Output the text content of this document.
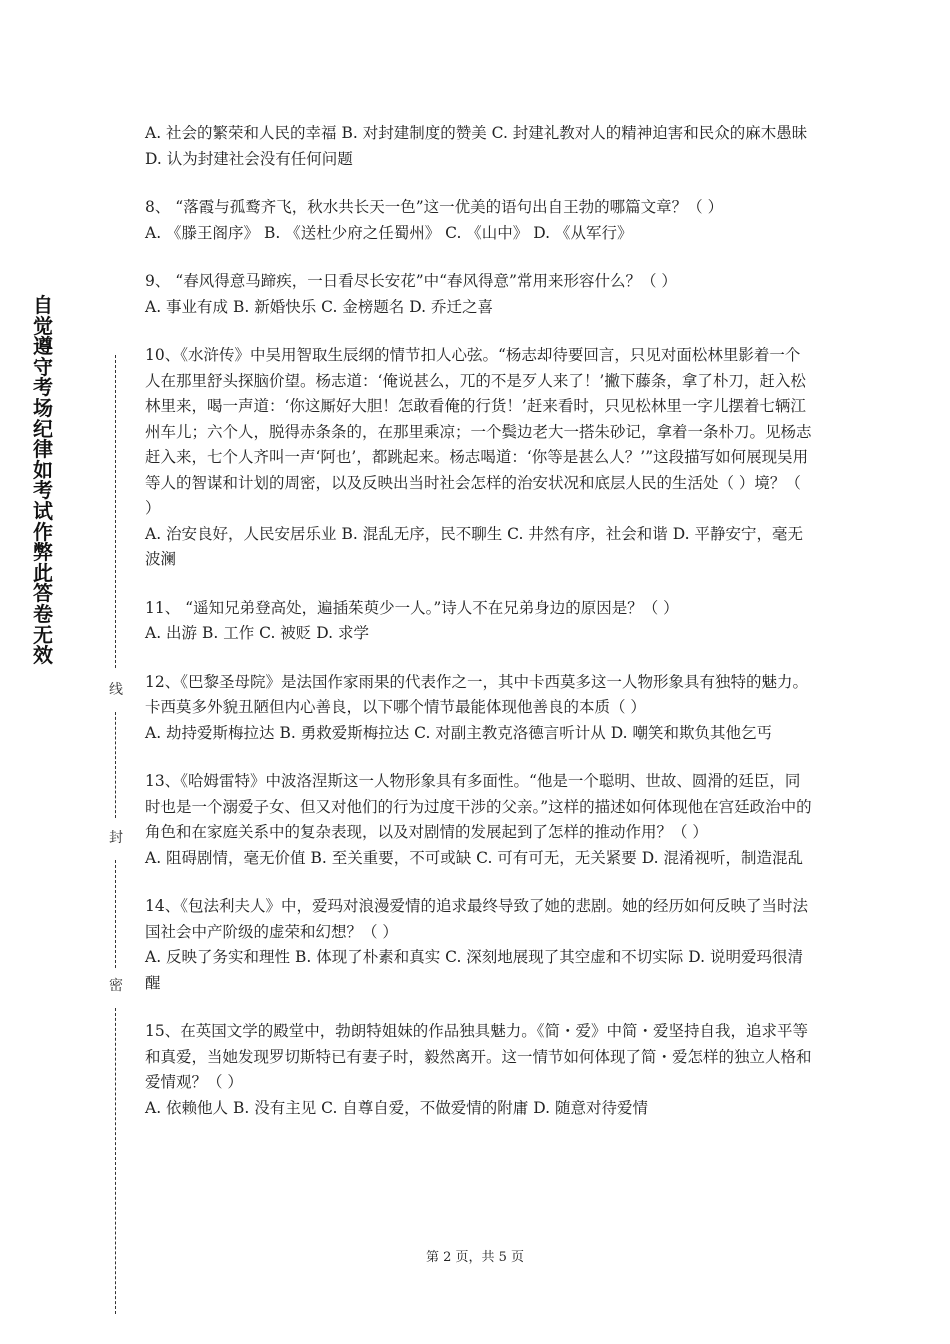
自觉遵守考场纪律如考试作弊此答卷无效
线
封
密

A. 社会的繁荣和人民的幸福 B. 对封建制度的赞美 C. 封建礼教对人的精神迫害和民众的麻木愚昧 D. 认为封建社会没有任何问题

8、 “落霞与孤鹜齐飞，秋水共长天一色”这一优美的语句出自王勃的哪篇文章？（ ）

A. 《滕王阁序》 B. 《送杜少府之任蜀州》 C. 《山中》 D. 《从军行》

9、 “春风得意马蹄疾，一日看尽长安花”中“春风得意”常用来形容什么？（ ）

A. 事业有成 B. 新婚快乐 C. 金榜题名 D. 乔迁之喜

10、《水浒传》中吴用智取生辰纲的情节扣人心弦。“杨志却待要回言，只见对面松林里影着一个人在那里舒头探脑价望。杨志道：‘俺说甚么，兀的不是歹人来了！’撇下藤条，拿了朴刀，赶入松林里来，喝一声道：‘你这厮好大胆！怎敢看俺的行货！’赶来看时，只见松林里一字儿摆着七辆江州车儿；六个人，脱得赤条条的，在那里乘凉；一个鬓边老大一搭朱砂记，拿着一条朴刀。见杨志赶入来，七个人齐叫一声‘阿也’，都跳起来。杨志喝道：‘你等是甚么人？’”这段描写如何展现吴用等人的智谋和计划的周密，以及反映出当时社会怎样的治安状况和底层人民的生活处（ ）境？（ ）

A. 治安良好，人民安居乐业 B. 混乱无序，民不聊生 C. 井然有序，社会和谐 D. 平静安宁，毫无波澜

11、 “遥知兄弟登高处，遍插茱萸少一人。”诗人不在兄弟身边的原因是？（ ）

A. 出游 B. 工作 C. 被贬 D. 求学

12、《巴黎圣母院》是法国作家雨果的代表作之一，其中卡西莫多这一人物形象具有独特的魅力。卡西莫多外貌丑陋但内心善良，以下哪个情节最能体现他善良的本质（ ）

A. 劫持爱斯梅拉达 B. 勇救爱斯梅拉达 C. 对副主教克洛德言听计从 D. 嘲笑和欺负其他乞丐

13、《哈姆雷特》中波洛涅斯这一人物形象具有多面性。“他是一个聪明、世故、圆滑的廷臣，同时也是一个溺爱子女、但又对他们的行为过度干涉的父亲。”这样的描述如何体现他在宫廷政治中的角色和在家庭关系中的复杂表现，以及对剧情的发展起到了怎样的推动作用？（ ）

A. 阻碍剧情，毫无价值 B. 至关重要，不可或缺 C. 可有可无，无关紧要 D. 混淆视听，制造混乱

14、《包法利夫人》中，爱玛对浪漫爱情的追求最终导致了她的悲剧。她的经历如何反映了当时法国社会中产阶级的虚荣和幻想？（ ）

A. 反映了务实和理性 B. 体现了朴素和真实 C. 深刻地展现了其空虚和不切实际 D. 说明爱玛很清醒

15、在英国文学的殿堂中，勃朗特姐妹的作品独具魅力。《简・爱》中简・爱坚持自我，追求平等和真爱，当她发现罗切斯特已有妻子时，毅然离开。这一情节如何体现了简・爱怎样的独立人格和爱情观？（ ）

A. 依赖他人 B. 没有主见 C. 自尊自爱，不做爱情的附庸 D. 随意对待爱情

第 2 页，共 5 页
